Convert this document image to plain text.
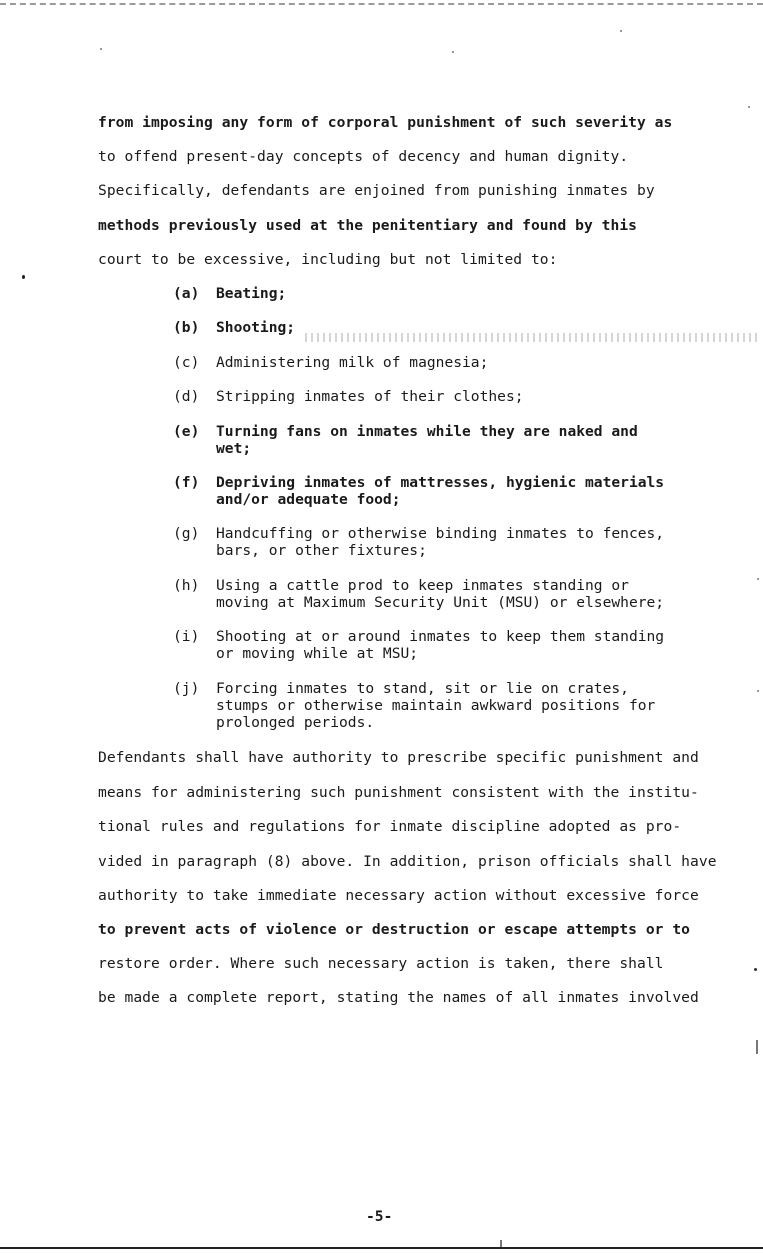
from imposing any form of corporal punishment of such severity as
to offend present-day concepts of decency and human dignity.
Specifically, defendants are enjoined from punishing inmates by
methods previously used at the penitentiary and found by this
court to be excessive, including but not limited to:
(a) Beating;
(b) Shooting;
(c) Administering milk of magnesia;
(d) Stripping inmates of their clothes;
(e) Turning fans on inmates while they are naked and
wet;
(f) Depriving inmates of mattresses, hygienic materials
and/or adequate food;
(g) Handcuffing or otherwise binding inmates to fences,
bars, or other fixtures;
(h) Using a cattle prod to keep inmates standing or
moving at Maximum Security Unit (MSU) or elsewhere;
(i) Shooting at or around inmates to keep them standing
or moving while at MSU;
(j) Forcing inmates to stand, sit or lie on crates,
stumps or otherwise maintain awkward positions for
prolonged periods.
Defendants shall have authority to prescribe specific punishment and
means for administering such punishment consistent with the institu-
tional rules and regulations for inmate discipline adopted as pro-
vided in paragraph (8) above. In addition, prison officials shall have
authority to take immediate necessary action without excessive force
to prevent acts of violence or destruction or escape attempts or to
restore order. Where such necessary action is taken, there shall
be made a complete report, stating the names of all inmates involved
-5-
